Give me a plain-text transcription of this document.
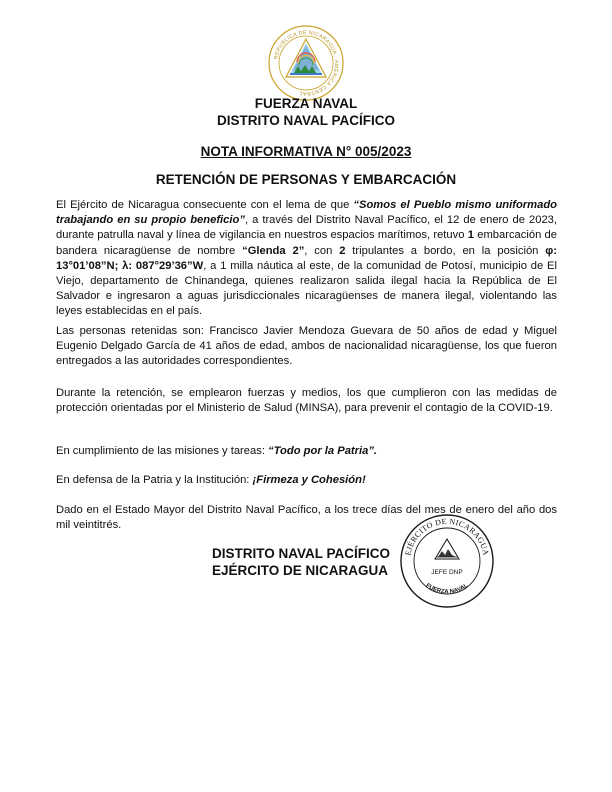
REPÚBLICA DE NICARAGUA · AMÉRICA CENTRAL
FUERZA NAVAL
DISTRITO NAVAL PACÍFICO
NOTA INFORMATIVA N° 005/2023
RETENCIÓN DE PERSONAS Y EMBARCACIÓN
El Ejército de Nicaragua consecuente con el lema de que “Somos el Pueblo mismo uniformado trabajando en su propio beneficio”, a través del Distrito Naval Pacífico, el 12 de enero de 2023, durante patrulla naval y línea de vigilancia en nuestros espacios marítimos, retuvo 1 embarcación de bandera nicaragüense de nombre “Glenda 2”, con 2 tripulantes a bordo, en la posición φ: 13°01’08”N; λ: 087°29’36”W, a 1 milla náutica al este, de la comunidad de Potosí, municipio de El Viejo, departamento de Chinandega, quienes realizaron salida ilegal hacia la República de El Salvador e ingresaron a aguas jurisdiccionales nicaragüenses de manera ilegal, violentando las leyes establecidas en el país.
Las personas retenidas son: Francisco Javier Mendoza Guevara de 50 años de edad y Miguel Eugenio Delgado García de 41 años de edad, ambos de nacionalidad nicaragüense, los que fueron entregados a las autoridades correspondientes.
Durante la retención, se emplearon fuerzas y medios, los que cumplieron con las medidas de protección orientadas por el Ministerio de Salud (MINSA), para prevenir el contagio de la COVID-19.
En cumplimiento de las misiones y tareas: “Todo por la Patria”.
En defensa de la Patria y la Institución: ¡Firmeza y Cohesión!
Dado en el Estado Mayor del Distrito Naval Pacífico, a los trece días del mes de enero del año dos mil veintitrés.
DISTRITO NAVAL PACÍFICO
EJÉRCITO DE NICARAGUA
EJÉRCITO DE NICARAGUA
FUERZA NAVAL
JEFE DNP
